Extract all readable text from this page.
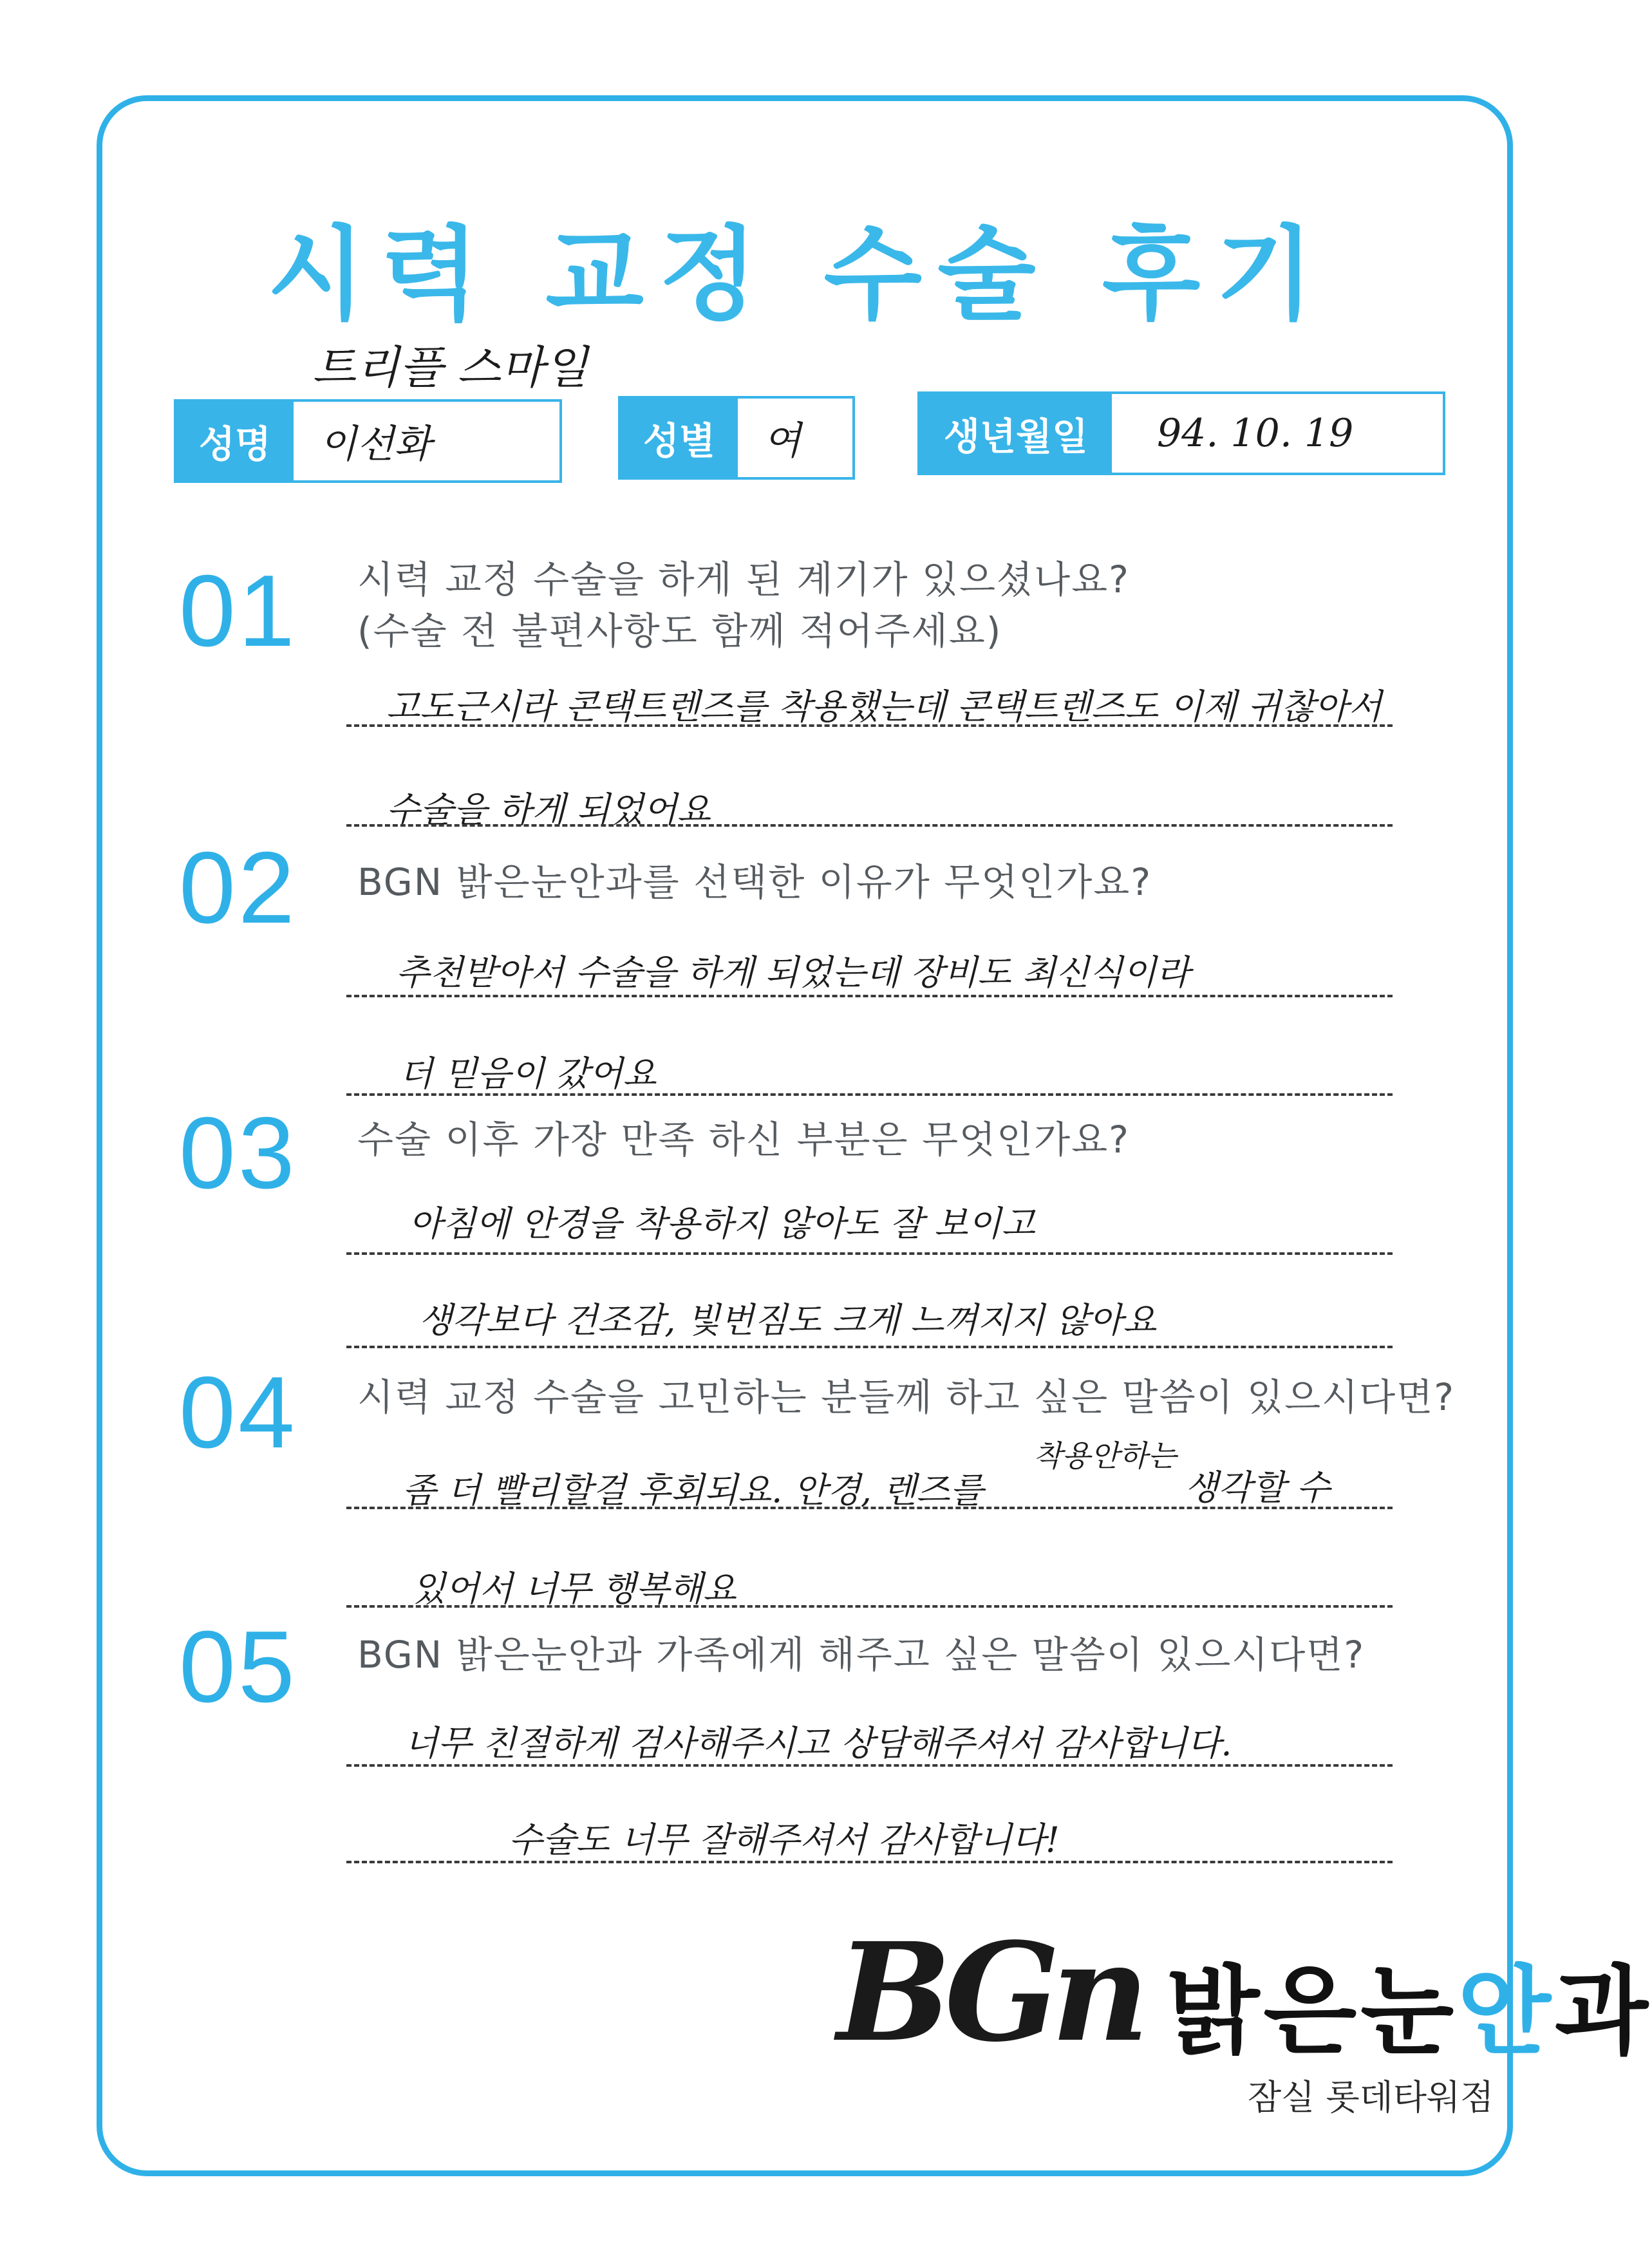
시력 교정 수술 후기
트리플 스마일
성명	이선화	성별	여	생년월일	94. 10. 19
01 시력 교정 수술을 하게 된 계기가 있으셨나요?
(수술 전 불편사항도 함께 적어주세요)
고도근시라 콘택트렌즈를 착용했는데 콘택트렌즈도 이제 귀찮아서
수술을 하게 되었어요
02 BGN 밝은눈안과를 선택한 이유가 무엇인가요?
추천받아서 수술을 하게 되었는데 장비도 최신식이라
더 믿음이 갔어요
03 수술 이후 가장 만족 하신 부분은 무엇인가요?
아침에 안경을 착용하지 않아도 잘 보이고
생각보다 건조감, 빛번짐도 크게 느껴지지 않아요
04 시력 교정 수술을 고민하는 분들께 하고 싶은 말씀이 있으시다면?
착용안하는
좀 더 빨리할걸 후회되요. 안경, 렌즈를	생각할 수
있어서 너무 행복해요
05 BGN 밝은눈안과 가족에게 해주고 싶은 말씀이 있으시다면?
너무 친절하게 검사해주시고 상담해주셔서 감사합니다.
수술도 너무 잘해주셔서 감사합니다!
BGn 밝은눈안과
잠실 롯데타워점
